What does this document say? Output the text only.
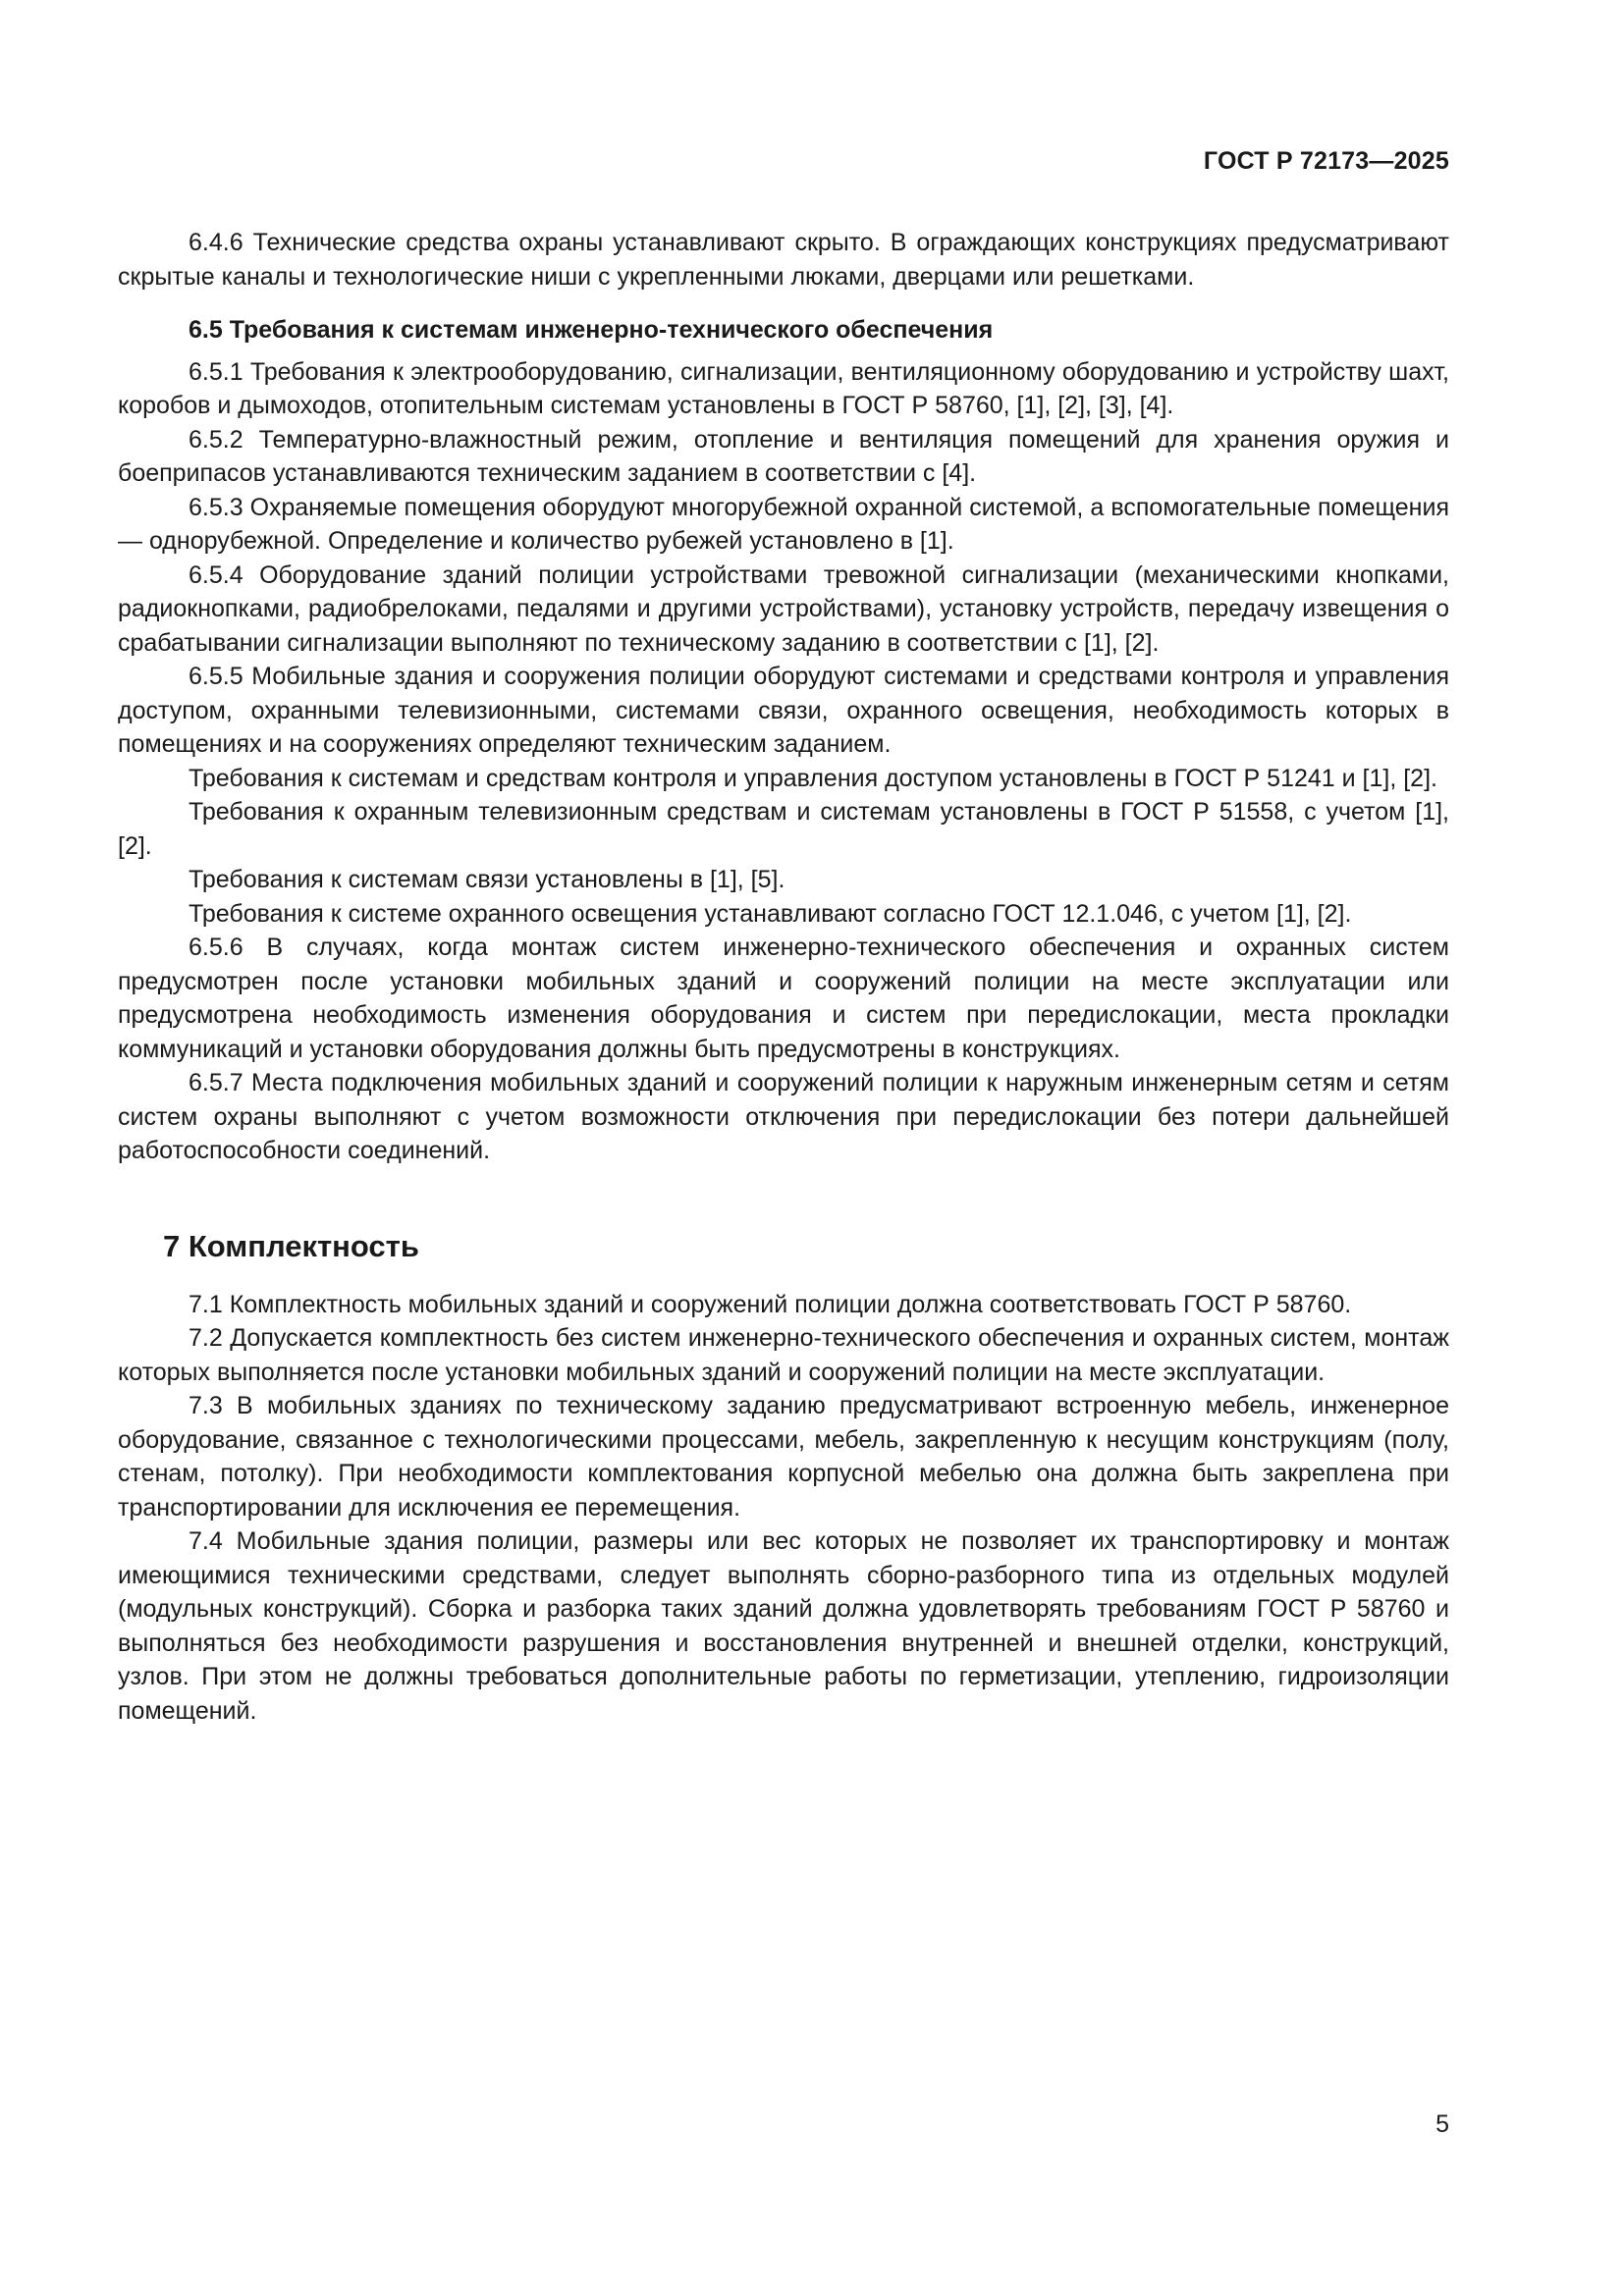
ГОСТ Р 72173—2025

6.4.6 Технические средства охраны устанавливают скрыто. В ограждающих конструкциях предусматривают скрытые каналы и технологические ниши с укрепленными люками, дверцами или решетками.

6.5 Требования к системам инженерно-технического обеспечения

6.5.1 Требования к электрооборудованию, сигнализации, вентиляционному оборудованию и устройству шахт, коробов и дымоходов, отопительным системам установлены в ГОСТ Р 58760, [1], [2], [3], [4].

6.5.2 Температурно-влажностный режим, отопление и вентиляция помещений для хранения оружия и боеприпасов устанавливаются техническим заданием в соответствии с [4].

6.5.3 Охраняемые помещения оборудуют многорубежной охранной системой, а вспомогательные помещения — однорубежной. Определение и количество рубежей установлено в [1].

6.5.4 Оборудование зданий полиции устройствами тревожной сигнализации (механическими кнопками, радиокнопками, радиобрелоками, педалями и другими устройствами), установку устройств, передачу извещения о срабатывании сигнализации выполняют по техническому заданию в соответствии с [1], [2].

6.5.5 Мобильные здания и сооружения полиции оборудуют системами и средствами контроля и управления доступом, охранными телевизионными, системами связи, охранного освещения, необходимость которых в помещениях и на сооружениях определяют техническим заданием.

Требования к системам и средствам контроля и управления доступом установлены в ГОСТ Р 51241 и [1], [2].

Требования к охранным телевизионным средствам и системам установлены в ГОСТ Р 51558, с учетом [1], [2].

Требования к системам связи установлены в [1], [5].

Требования к системе охранного освещения устанавливают согласно ГОСТ 12.1.046, с учетом [1], [2].

6.5.6 В случаях, когда монтаж систем инженерно-технического обеспечения и охранных систем предусмотрен после установки мобильных зданий и сооружений полиции на месте эксплуатации или предусмотрена необходимость изменения оборудования и систем при передислокации, места прокладки коммуникаций и установки оборудования должны быть предусмотрены в конструкциях.

6.5.7 Места подключения мобильных зданий и сооружений полиции к наружным инженерным сетям и сетям систем охраны выполняют с учетом возможности отключения при передислокации без потери дальнейшей работоспособности соединений.

7 Комплектность

7.1 Комплектность мобильных зданий и сооружений полиции должна соответствовать ГОСТ Р 58760.

7.2 Допускается комплектность без систем инженерно-технического обеспечения и охранных систем, монтаж которых выполняется после установки мобильных зданий и сооружений полиции на месте эксплуатации.

7.3 В мобильных зданиях по техническому заданию предусматривают встроенную мебель, инженерное оборудование, связанное с технологическими процессами, мебель, закрепленную к несущим конструкциям (полу, стенам, потолку). При необходимости комплектования корпусной мебелью она должна быть закреплена при транспортировании для исключения ее перемещения.

7.4 Мобильные здания полиции, размеры или вес которых не позволяет их транспортировку и монтаж имеющимися техническими средствами, следует выполнять сборно-разборного типа из отдельных модулей (модульных конструкций). Сборка и разборка таких зданий должна удовлетворять требованиям ГОСТ Р 58760 и выполняться без необходимости разрушения и восстановления внутренней и внешней отделки, конструкций, узлов. При этом не должны требоваться дополнительные работы по герметизации, утеплению, гидроизоляции помещений.

5
